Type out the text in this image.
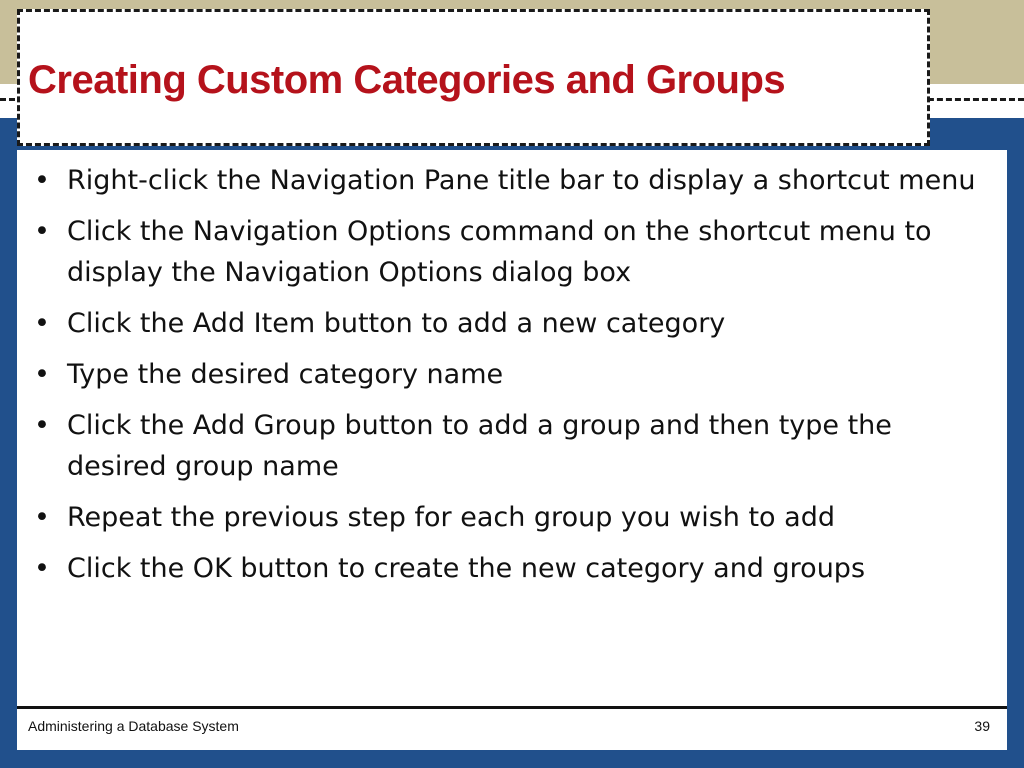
Creating Custom Categories and Groups
• Right-click the Navigation Pane title bar to display a shortcut menu
• Click the Navigation Options command on the shortcut menu to display the Navigation Options dialog box
• Click the Add Item button to add a new category
• Type the desired category name
• Click the Add Group button to add a group and then type the desired group name
• Repeat the previous step for each group you wish to add
• Click the OK button to create the new category and groups
Administering a Database System	39
